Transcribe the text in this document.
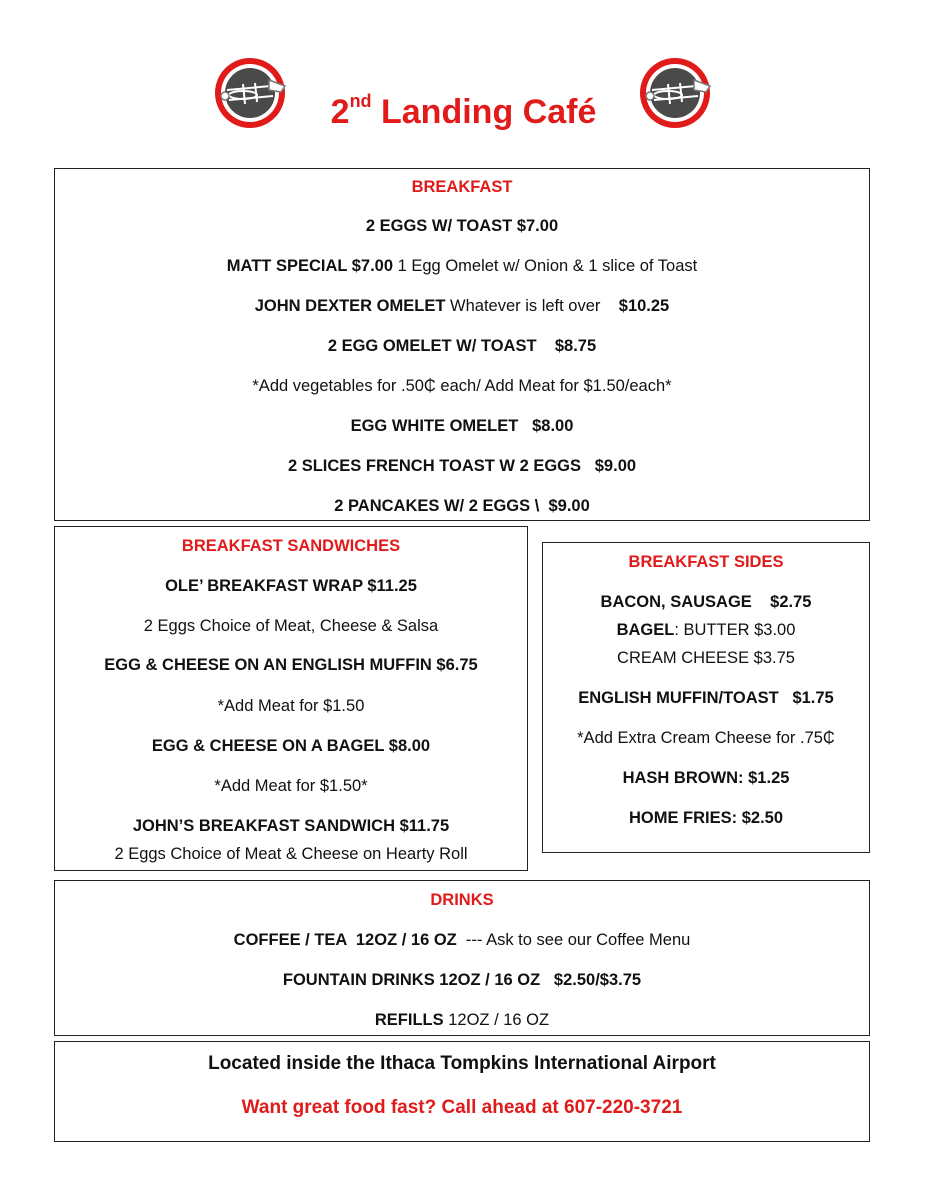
2nd Landing Café
BREAKFAST
2 EGGS W/ TOAST $7.00
MATT SPECIAL $7.00 1 Egg Omelet w/ Onion & 1 slice of Toast
JOHN DEXTER OMELET Whatever is left over $10.25
2 EGG OMELET W/ TOAST    $8.75
*Add vegetables for .50₵ each/ Add Meat for $1.50/each*
EGG WHITE OMELET   $8.00
2 SLICES FRENCH TOAST W 2 EGGS   $9.00
2 PANCAKES W/ 2 EGGS \  $9.00
BREAKFAST SANDWICHES
OLE’ BREAKFAST WRAP $11.25
2 Eggs Choice of Meat, Cheese & Salsa
EGG & CHEESE ON AN ENGLISH MUFFIN $6.75
*Add Meat for $1.50
EGG & CHEESE ON A BAGEL $8.00
*Add Meat for $1.50*
JOHN’S BREAKFAST SANDWICH $11.75
2 Eggs Choice of Meat & Cheese on Hearty Roll
BREAKFAST SIDES
BACON, SAUSAGE    $2.75
BAGEL: BUTTER $3.00
CREAM CHEESE $3.75
ENGLISH MUFFIN/TOAST   $1.75
*Add Extra Cream Cheese for .75₵
HASH BROWN: $1.25
HOME FRIES: $2.50
DRINKS
COFFEE / TEA  12OZ / 16 OZ  --- Ask to see our Coffee Menu
FOUNTAIN DRINKS 12OZ / 16 OZ   $2.50/$3.75
REFILLS 12OZ / 16 OZ
Located inside the Ithaca Tompkins International Airport
Want great food fast? Call ahead at 607-220-3721
